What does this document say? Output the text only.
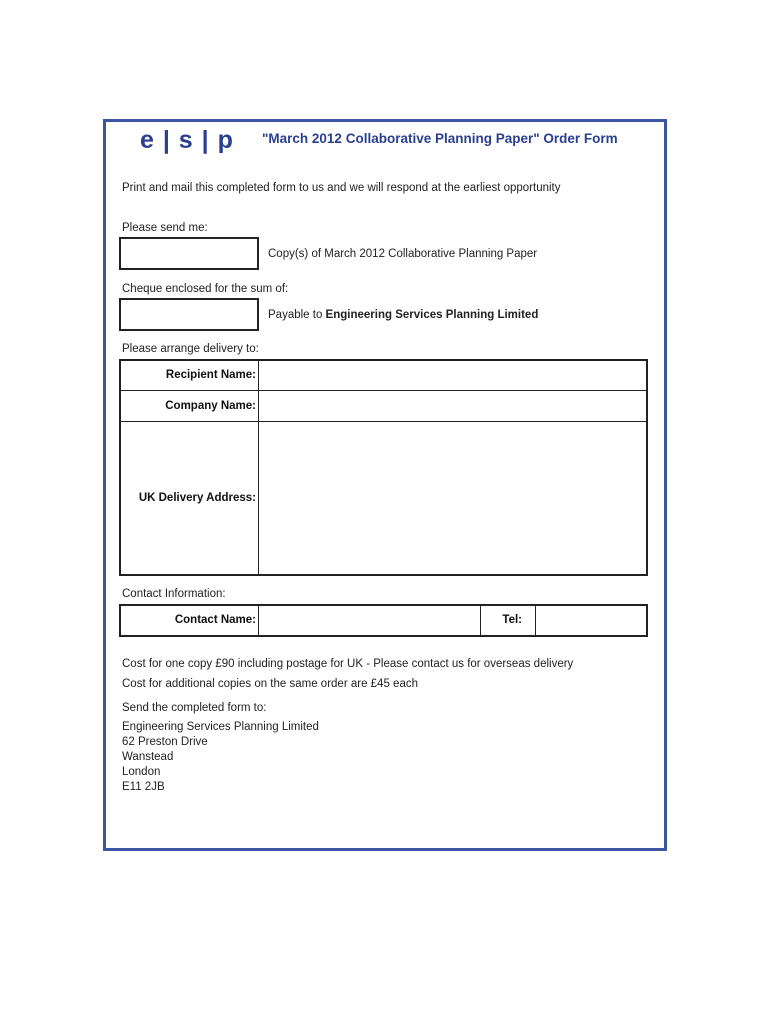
e | s | p "March 2012 Collaborative Planning Paper" Order Form
Print and mail this completed form to us and we will respond at the earliest opportunity
Please send me:
Copy(s) of March 2012 Collaborative Planning Paper
Cheque enclosed for the sum of:
Payable to Engineering Services Planning Limited
Please arrange delivery to:
Recipient Name:
Company Name:
UK Delivery Address:
Contact Information:
Contact Name:	Tel:
Cost for one copy £90 including postage for UK - Please contact us for overseas delivery
Cost for additional copies on the same order are £45 each
Send the completed form to:
Engineering Services Planning Limited
62 Preston Drive
Wanstead
London
E11 2JB
